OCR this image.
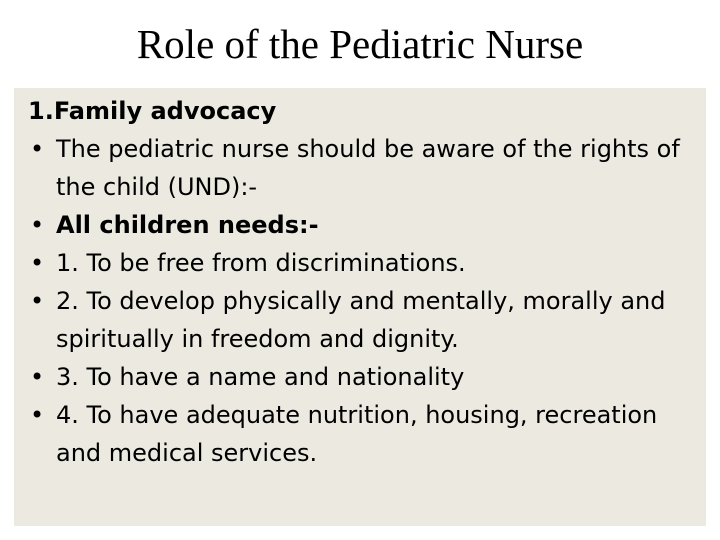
Role of the Pediatric Nurse

1.Family advocacy

• The pediatric nurse should be aware of the rights of the child (UND):-
• All children needs:-
• 1. To be free from discriminations.
• 2. To develop physically and mentally, morally and spiritually in freedom and dignity.
• 3. To have a name and nationality
• 4. To have adequate nutrition, housing, recreation and medical services.
